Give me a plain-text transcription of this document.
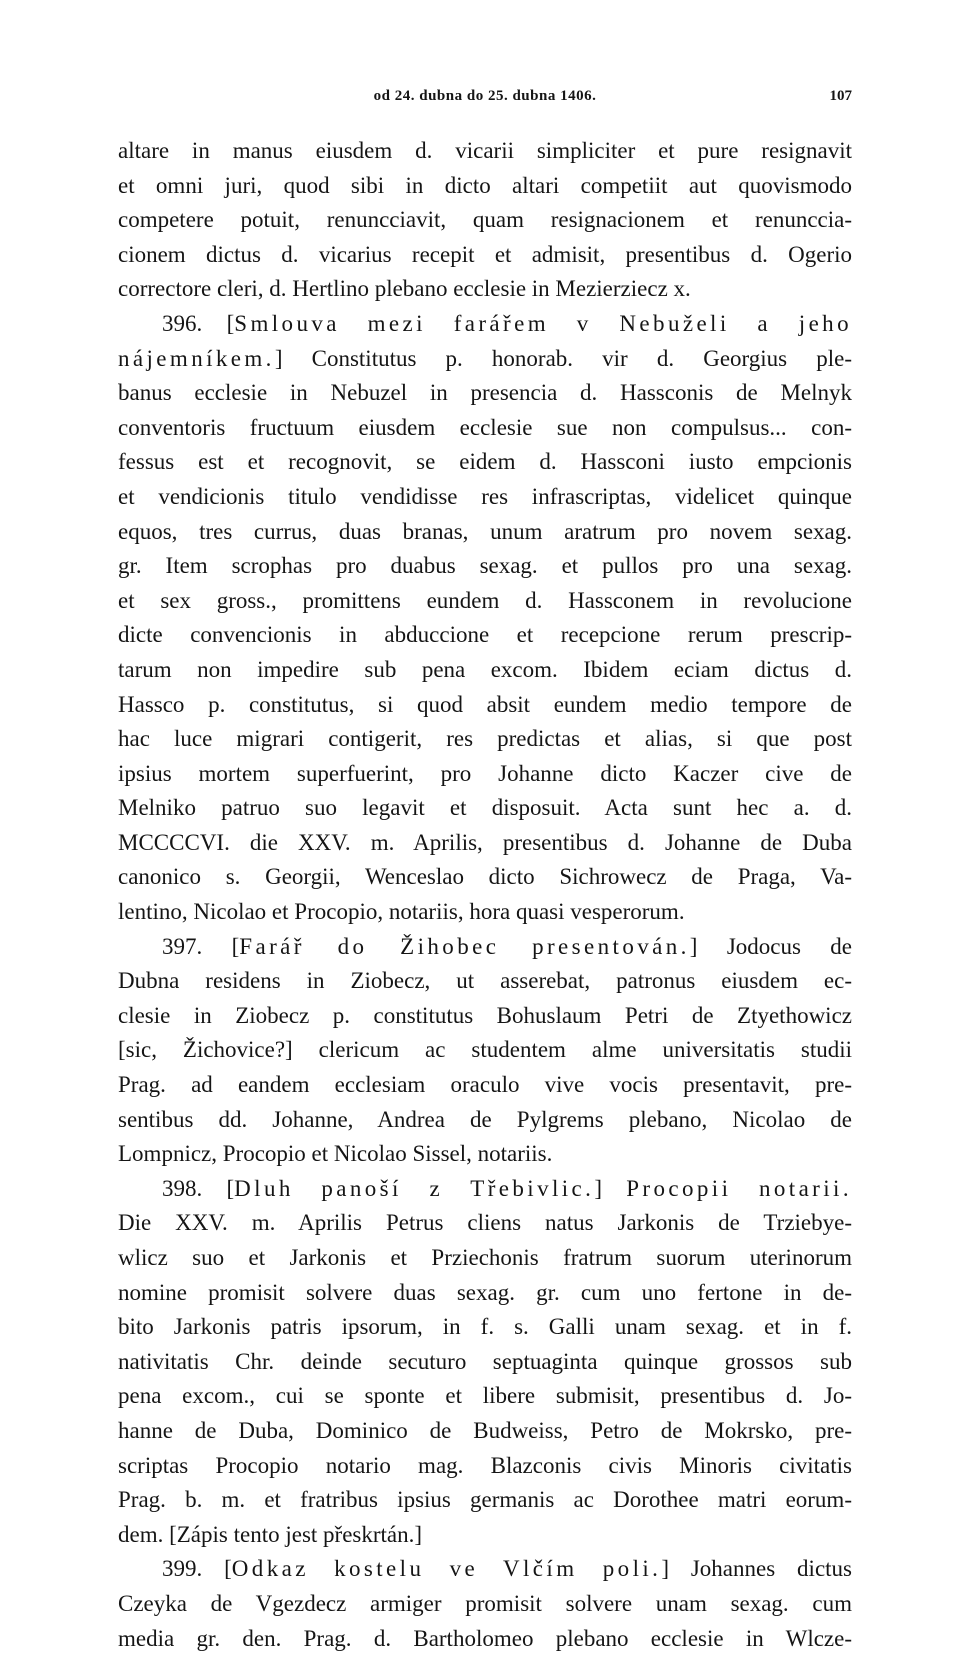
od 24. dubna do 25. dubna 1406.	107
altare in manus eiusdem d. vicarii simpliciter et pure resignavit
et omni juri, quod sibi in dicto altari competiit aut quovismodo
competere potuit, renuncciavit, quam resignacionem et renunccia-
cionem dictus d. vicarius recepit et admisit, presentibus d. Ogerio
correctore cleri, d. Hertlino plebano ecclesie in Mezierziecz x.
396. [Smlouva mezi farářem v Nebuželi a jeho
nájemníkem.] Constitutus p. honorab. vir d. Georgius ple-
banus ecclesie in Nebuzel in presencia d. Hassconis de Melnyk
conventoris fructuum eiusdem ecclesie sue non compulsus... con-
fessus est et recognovit, se eidem d. Hassconi iusto empcionis
et vendicionis titulo vendidisse res infrascriptas, videlicet quinque
equos, tres currus, duas branas, unum aratrum pro novem sexag.
gr. Item scrophas pro duabus sexag. et pullos pro una sexag.
et sex gross., promittens eundem d. Hassconem in revolucione
dicte convencionis in abduccione et recepcione rerum prescrip-
tarum non impedire sub pena excom. Ibidem eciam dictus d.
Hassco p. constitutus, si quod absit eundem medio tempore de
hac luce migrari contigerit, res predictas et alias, si que post
ipsius mortem superfuerint, pro Johanne dicto Kaczer cive de
Melniko patruo suo legavit et disposuit. Acta sunt hec a. d.
MCCCCVI. die XXV. m. Aprilis, presentibus d. Johanne de Duba
canonico s. Georgii, Wenceslao dicto Sichrowecz de Praga, Va-
lentino, Nicolao et Procopio, notariis, hora quasi vesperorum.
397. [Farář do Žihobec presentován.] Jodocus de
Dubna residens in Ziobecz, ut asserebat, patronus eiusdem ec-
clesie in Ziobecz p. constitutus Bohuslaum Petri de Ztyethowicz
[sic, Žichovice?] clericum ac studentem alme universitatis studii
Prag. ad eandem ecclesiam oraculo vive vocis presentavit, pre-
sentibus dd. Johanne, Andrea de Pylgrems plebano, Nicolao de
Lompnicz, Procopio et Nicolao Sissel, notariis.
398. [Dluh panoší z Třebivlic.] Procopii notarii.
Die XXV. m. Aprilis Petrus cliens natus Jarkonis de Trziebye-
wlicz suo et Jarkonis et Prziechonis fratrum suorum uterinorum
nomine promisit solvere duas sexag. gr. cum uno fertone in de-
bito Jarkonis patris ipsorum, in f. s. Galli unam sexag. et in f.
nativitatis Chr. deinde secuturo septuaginta quinque grossos sub
pena excom., cui se sponte et libere submisit, presentibus d. Jo-
hanne de Duba, Dominico de Budweiss, Petro de Mokrsko, pre-
scriptas Procopio notario mag. Blazconis civis Minoris civitatis
Prag. b. m. et fratribus ipsius germanis ac Dorothee matri eorum-
dem. [Zápis tento jest přeskrtán.]
399. [Odkaz kostelu ve Vlčím poli.] Johannes dictus
Czeyka de Vgezdecz armiger promisit solvere unam sexag. cum
media gr. den. Prag. d. Bartholomeo plebano ecclesie in Wlcze-
